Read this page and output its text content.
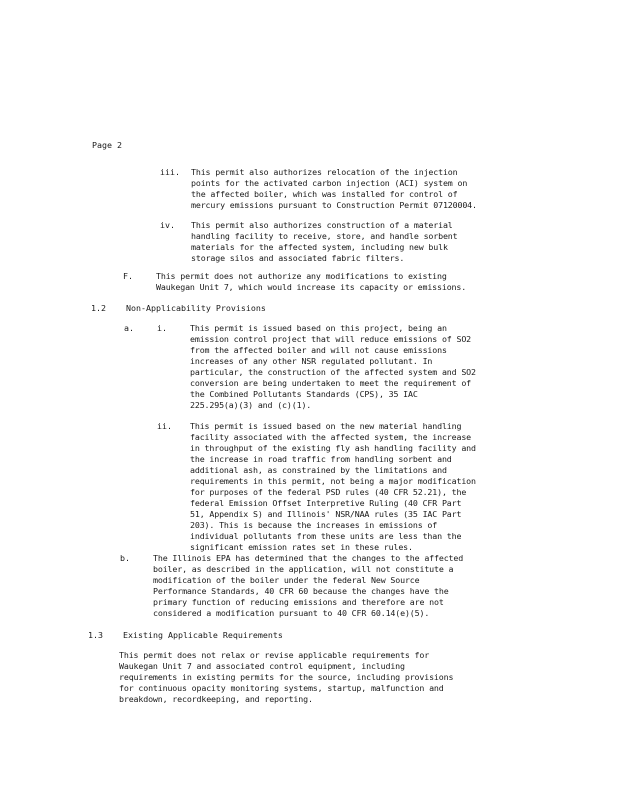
Page 2
iii. This permit also authorizes relocation of the injection
points for the activated carbon injection (ACI) system on
the affected boiler, which was installed for control of
mercury emissions pursuant to Construction Permit 07120004.
iv. This permit also authorizes construction of a material
handling facility to receive, store, and handle sorbent
materials for the affected system, including new bulk
storage silos and associated fabric filters.
F.	This permit does not authorize any modifications to existing
Waukegan Unit 7, which would increase its capacity or emissions.
1.2 Non-Applicability Provisions
a.	i.	This permit is issued based on this project, being an
emission control project that will reduce emissions of SO2
from the affected boiler and will not cause emissions
increases of any other NSR regulated pollutant. In
particular, the construction of the affected system and SO2
conversion are being undertaken to meet the requirement of
the Combined Pollutants Standards (CPS), 35 IAC
225.295(a)(3) and (c)(1).
ii. This permit is issued based on the new material handling
facility associated with the affected system, the increase
in throughput of the existing fly ash handling facility and
the increase in road traffic from handling sorbent and
additional ash, as constrained by the limitations and
requirements in this permit, not being a major modification
for purposes of the federal PSD rules (40 CFR 52.21), the
federal Emission Offset Interpretive Ruling (40 CFR Part
51, Appendix S) and Illinois' NSR/NAA rules (35 IAC Part
203). This is because the increases in emissions of
individual pollutants from these units are less than the
significant emission rates set in these rules.
b.	The Illinois EPA has determined that the changes to the affected
boiler, as described in the application, will not constitute a
modification of the boiler under the federal New Source
Performance Standards, 40 CFR 60 because the changes have the
primary function of reducing emissions and therefore are not
considered a modification pursuant to 40 CFR 60.14(e)(5).
1.3 Existing Applicable Requirements
This permit does not relax or revise applicable requirements for
Waukegan Unit 7 and associated control equipment, including
requirements in existing permits for the source, including provisions
for continuous opacity monitoring systems, startup, malfunction and
breakdown, recordkeeping, and reporting.
